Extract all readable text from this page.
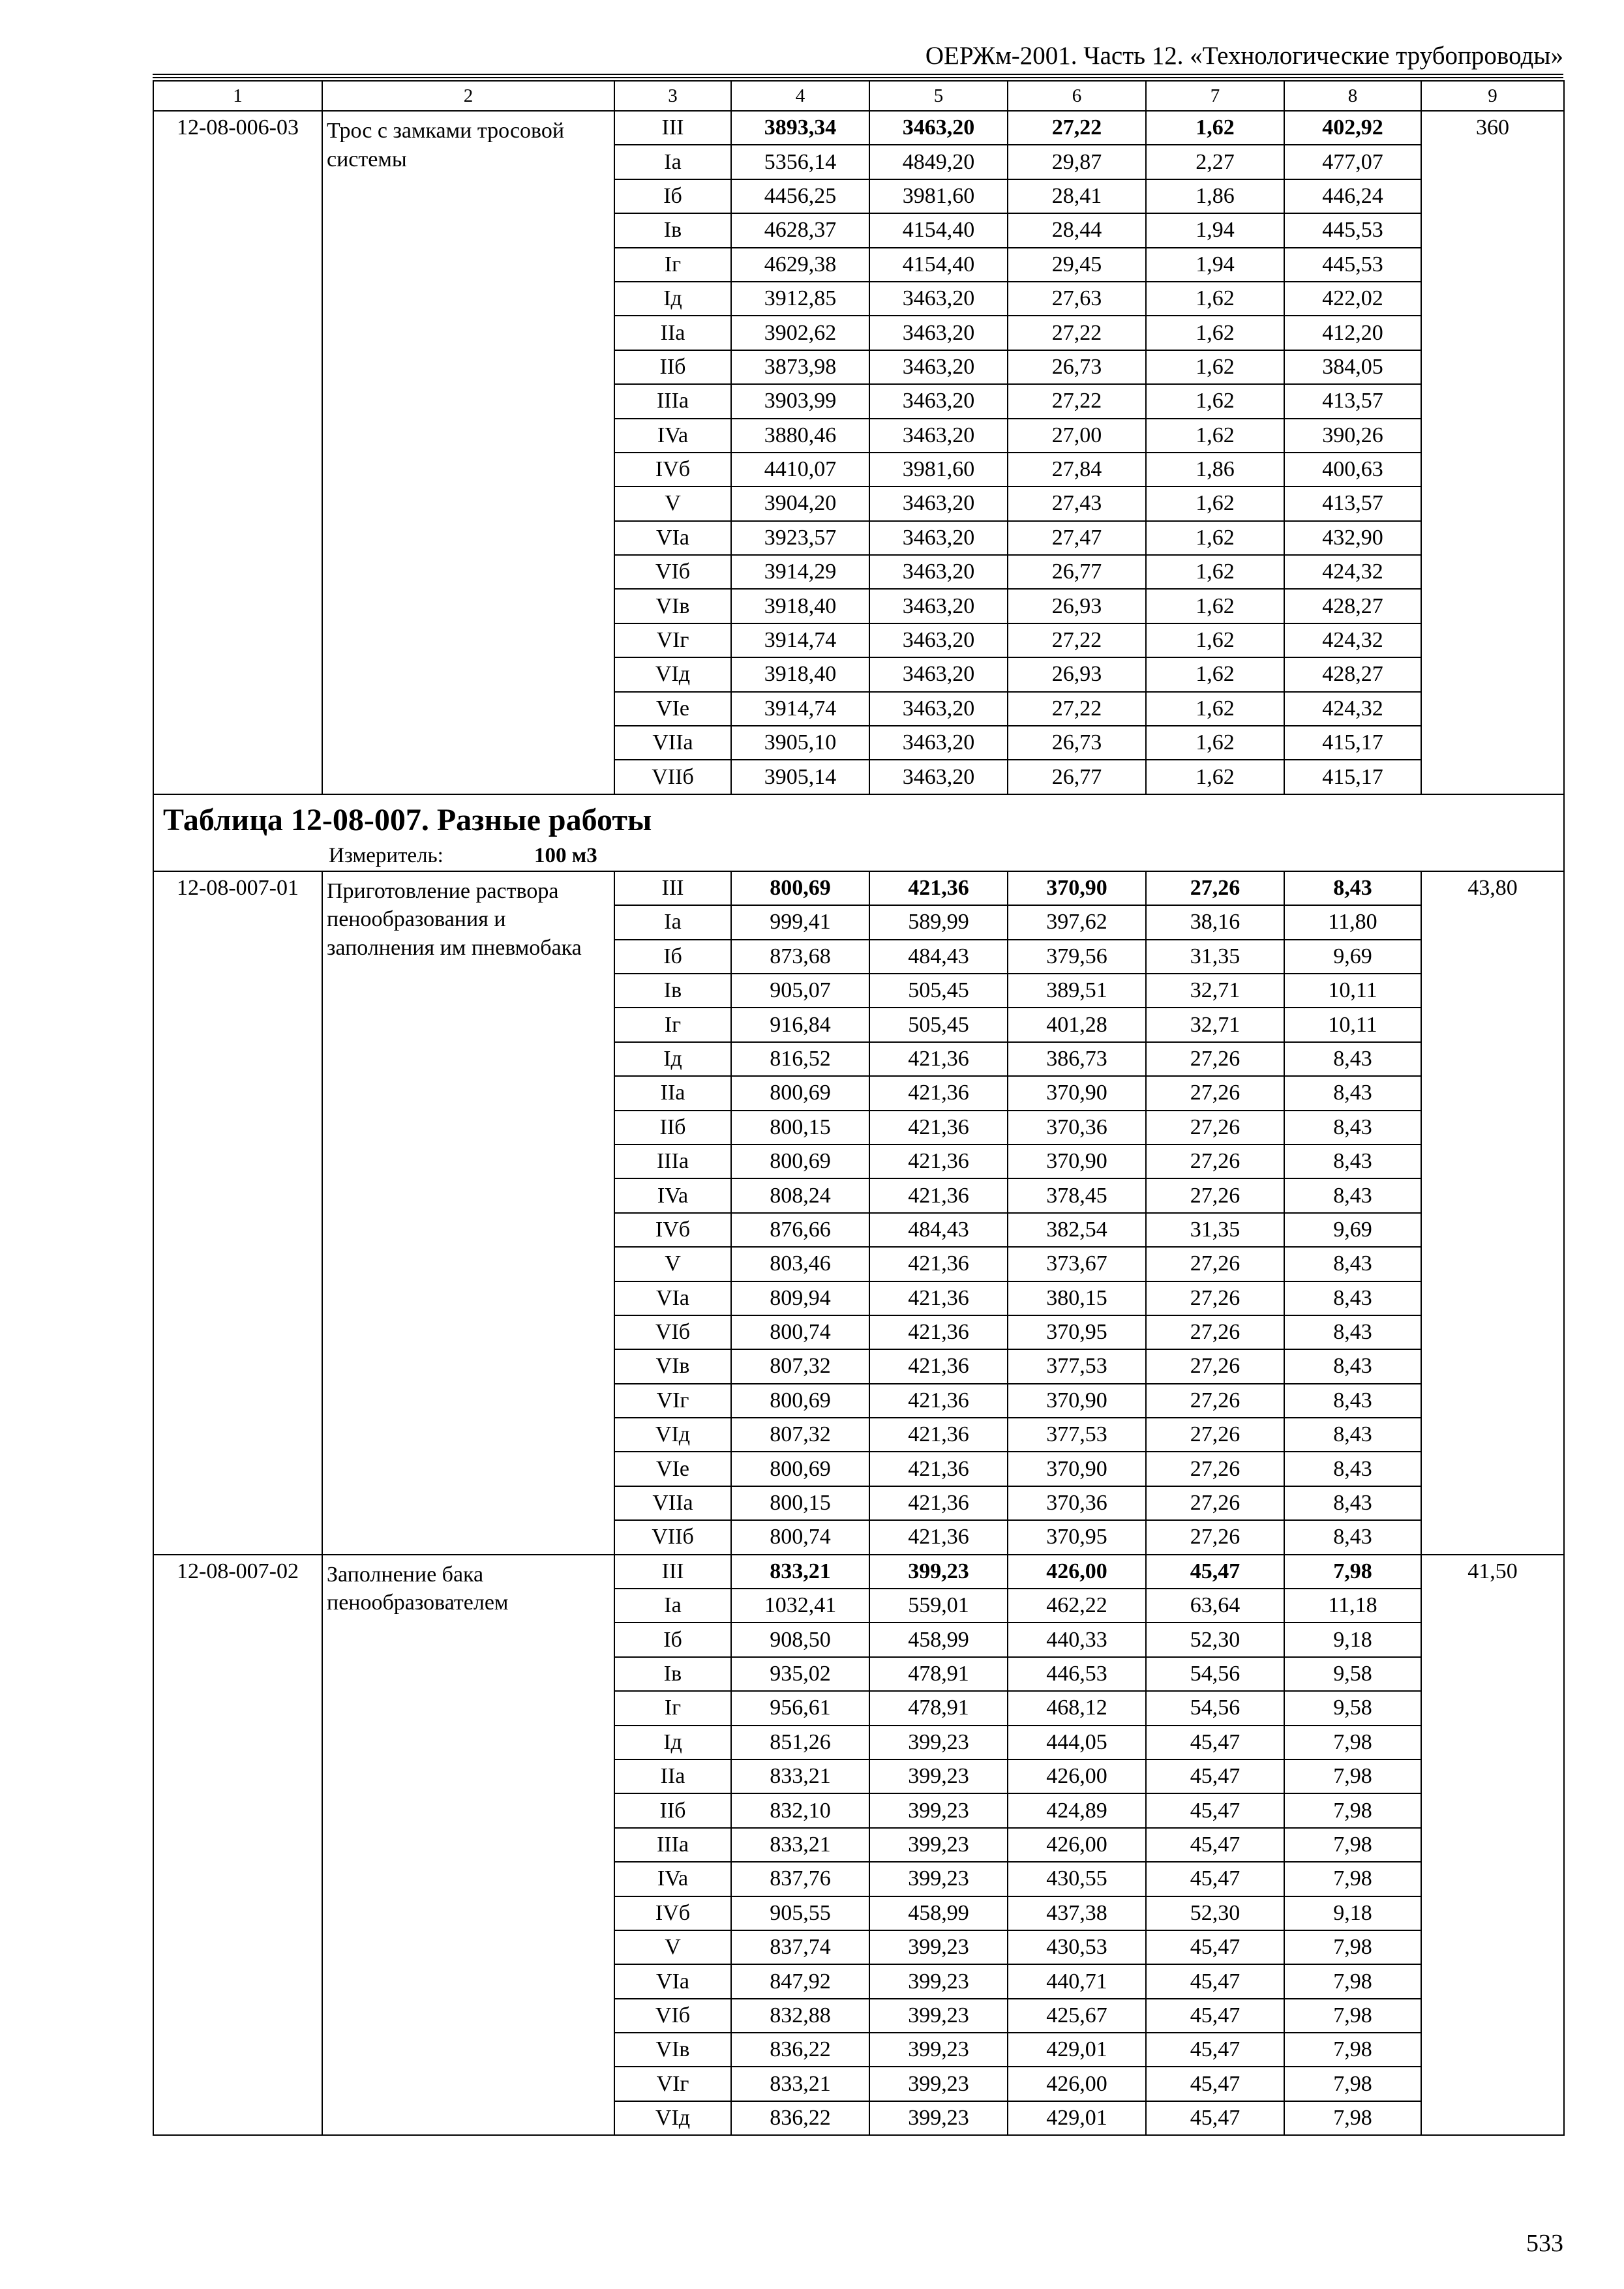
ОЕРЖм-2001. Часть 12. «Технологические трубопроводы»
1	2	3	4	5	6	7	8	9
12-08-006-03	Трос с замками тросовой системы	III	3893,34	3463,20	27,22	1,62	402,92	360
		Ia	5356,14	4849,20	29,87	2,27	477,07	
		Iб	4456,25	3981,60	28,41	1,86	446,24	
		Iв	4628,37	4154,40	28,44	1,94	445,53	
		Iг	4629,38	4154,40	29,45	1,94	445,53	
		Iд	3912,85	3463,20	27,63	1,62	422,02	
		IIa	3902,62	3463,20	27,22	1,62	412,20	
		IIб	3873,98	3463,20	26,73	1,62	384,05	
		IIIa	3903,99	3463,20	27,22	1,62	413,57	
		IVa	3880,46	3463,20	27,00	1,62	390,26	
		IVб	4410,07	3981,60	27,84	1,86	400,63	
		V	3904,20	3463,20	27,43	1,62	413,57	
		VIa	3923,57	3463,20	27,47	1,62	432,90	
		VIб	3914,29	3463,20	26,77	1,62	424,32	
		VIв	3918,40	3463,20	26,93	1,62	428,27	
		VIг	3914,74	3463,20	27,22	1,62	424,32	
		VIд	3918,40	3463,20	26,93	1,62	428,27	
		VIе	3914,74	3463,20	27,22	1,62	424,32	
		VIIa	3905,10	3463,20	26,73	1,62	415,17	
		VIIб	3905,14	3463,20	26,77	1,62	415,17	

Таблица 12-08-007. Разные работы
Измеритель: 100 м3								

12-08-007-01	Приготовление раствора пенообразования и заполнения им пневмобака	III	800,69	421,36	370,90	27,26	8,43	43,80
		Ia	999,41	589,99	397,62	38,16	11,80	
		Iб	873,68	484,43	379,56	31,35	9,69	
		Iв	905,07	505,45	389,51	32,71	10,11	
		Iг	916,84	505,45	401,28	32,71	10,11	
		Iд	816,52	421,36	386,73	27,26	8,43	
		IIa	800,69	421,36	370,90	27,26	8,43	
		IIб	800,15	421,36	370,36	27,26	8,43	
		IIIa	800,69	421,36	370,90	27,26	8,43	
		IVa	808,24	421,36	378,45	27,26	8,43	
		IVб	876,66	484,43	382,54	31,35	9,69	
		V	803,46	421,36	373,67	27,26	8,43	
		VIa	809,94	421,36	380,15	27,26	8,43	
		VIб	800,74	421,36	370,95	27,26	8,43	
		VIв	807,32	421,36	377,53	27,26	8,43	
		VIг	800,69	421,36	370,90	27,26	8,43	
		VIд	807,32	421,36	377,53	27,26	8,43	
		VIе	800,69	421,36	370,90	27,26	8,43	
		VIIa	800,15	421,36	370,36	27,26	8,43	
		VIIб	800,74	421,36	370,95	27,26	8,43	
12-08-007-02	Заполнение бака пенообразователем	III	833,21	399,23	426,00	45,47	7,98	41,50
		Ia	1032,41	559,01	462,22	63,64	11,18	
		Iб	908,50	458,99	440,33	52,30	9,18	
		Iв	935,02	478,91	446,53	54,56	9,58	
		Iг	956,61	478,91	468,12	54,56	9,58	
		Iд	851,26	399,23	444,05	45,47	7,98	
		IIa	833,21	399,23	426,00	45,47	7,98	
		IIб	832,10	399,23	424,89	45,47	7,98	
		IIIa	833,21	399,23	426,00	45,47	7,98	
		IVa	837,76	399,23	430,55	45,47	7,98	
		IVб	905,55	458,99	437,38	52,30	9,18	
		V	837,74	399,23	430,53	45,47	7,98	
		VIa	847,92	399,23	440,71	45,47	7,98	
		VIб	832,88	399,23	425,67	45,47	7,98	
		VIв	836,22	399,23	429,01	45,47	7,98	
		VIг	833,21	399,23	426,00	45,47	7,98	
		VIд	836,22	399,23	429,01	45,47	7,98	
533
